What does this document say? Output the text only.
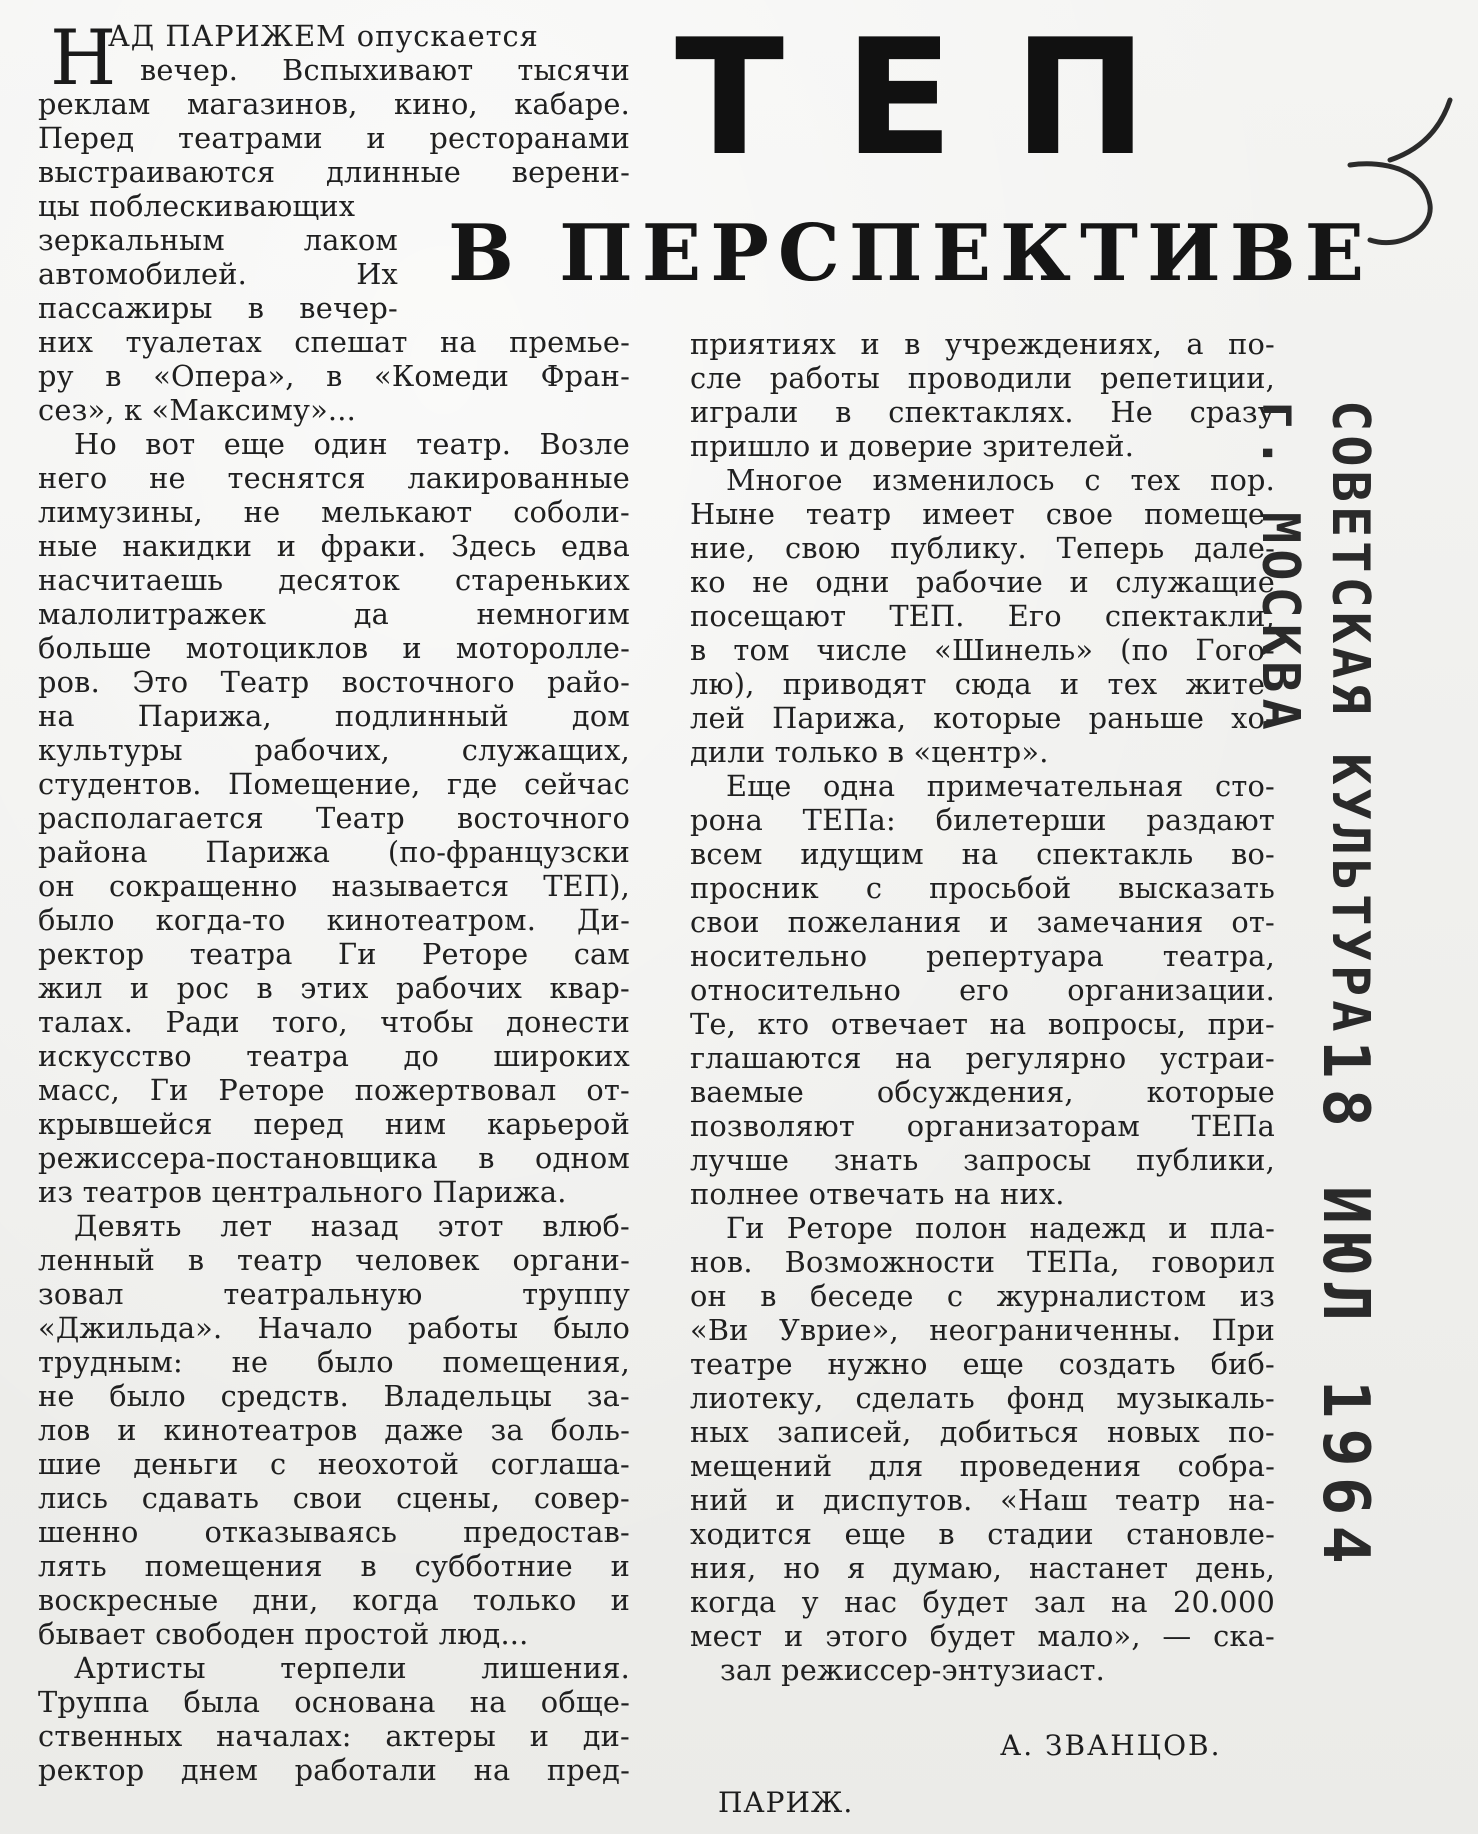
ТЕП
В ПЕРСПЕКТИВЕ
Н
АД ПАРИЖЕМ опускается
вечер. Вспыхивают тысячи
реклам магазинов, кино, кабаре.
Перед театрами и ресторанами
выстраиваются длинные верени-
цы поблескивающих
зеркальным лаком
автомобилей. Их
пассажиры в вечер-
них туалетах спешат на премье-
ру в «Опера», в «Комеди Фран-
сез», к «Максиму»...
Но вот еще один театр. Возле
него не теснятся лакированные
лимузины, не мелькают соболи-
ные накидки и фраки. Здесь едва
насчитаешь десяток стареньких
малолитражек да немногим
больше мотоциклов и мотороллe-
ров. Это Театр восточного райо-
на Парижа, подлинный дом
культуры рабочих, служащих,
студентов. Помещение, где сейчас
располагается Театр восточного
района Парижа (по-французски
он сокращенно называется ТЕП),
было когда-то кинотеатром. Ди-
ректор театра Ги Реторе сам
жил и рос в этих рабочих квар-
талах. Ради того, чтобы донести
искусство театра до широких
масс, Ги Реторе пожертвовал от-
крывшейся перед ним карьерой
режиссера-постановщика в одном
из театров центрального Парижа.
Девять лет назад этот влюб-
ленный в театр человек органи-
зовал театральную труппу
«Джильда». Начало работы было
трудным: не было помещения,
не было средств. Владельцы за-
лов и кинотеатров даже за боль-
шие деньги с неохотой соглаша-
лись сдавать свои сцены, совер-
шенно отказываясь предостав-
лять помещения в субботние и
воскресные дни, когда только и
бывает свободен простой люд...
Артисты терпели лишения.
Труппа была основана на обще-
ственных началах: актеры и ди-
ректор днем работали на пред-
приятиях и в учреждениях, а по-
сле работы проводили репетиции,
играли в спектаклях. Не сразу
пришло и доверие зрителей.
Многое изменилось с тех пор.
Ныне театр имеет свое помеще-
ние, свою публику. Теперь дале-
ко не одни рабочие и служащие
посещают ТЕП. Его спектакли,
в том числе «Шинель» (по Гого-
лю), приводят сюда и тех жите-
лей Парижа, которые раньше хо-
дили только в «центр».
Еще одна примечательная сто-
рона ТЕПа: билетерши раздают
всем идущим на спектакль во-
просник с просьбой высказать
свои пожелания и замечания от-
носительно репертуара театра,
относительно его организации.
Те, кто отвечает на вопросы, при-
глашаются на регулярно устраи-
ваемые обсуждения, которые
позволяют организаторам ТЕПа
лучше знать запросы публики,
полнее отвечать на них.
Ги Реторе полон надежд и пла-
нов. Возможности ТЕПа, говорил
он в беседе с журналистом из
«Ви Уврие», неограниченны. При
театре нужно еще создать биб-
лиотеку, сделать фонд музыкаль-
ных записей, добиться новых по-
мещений для проведения собра-
ний и диспутов. «Наш театр на-
ходится еще в стадии становле-
ния, но я думаю, настанет день,
когда у нас будет зал на 20.000
мест и этого будет мало», — ска-
зал режиссер-энтузиаст.
А. ЗВАНЦОВ.
ПАРИЖ.
СОВЕТСКАЯ КУЛЬТУРА
г. МОСКВА
18 ИЮЛ 1964
5
